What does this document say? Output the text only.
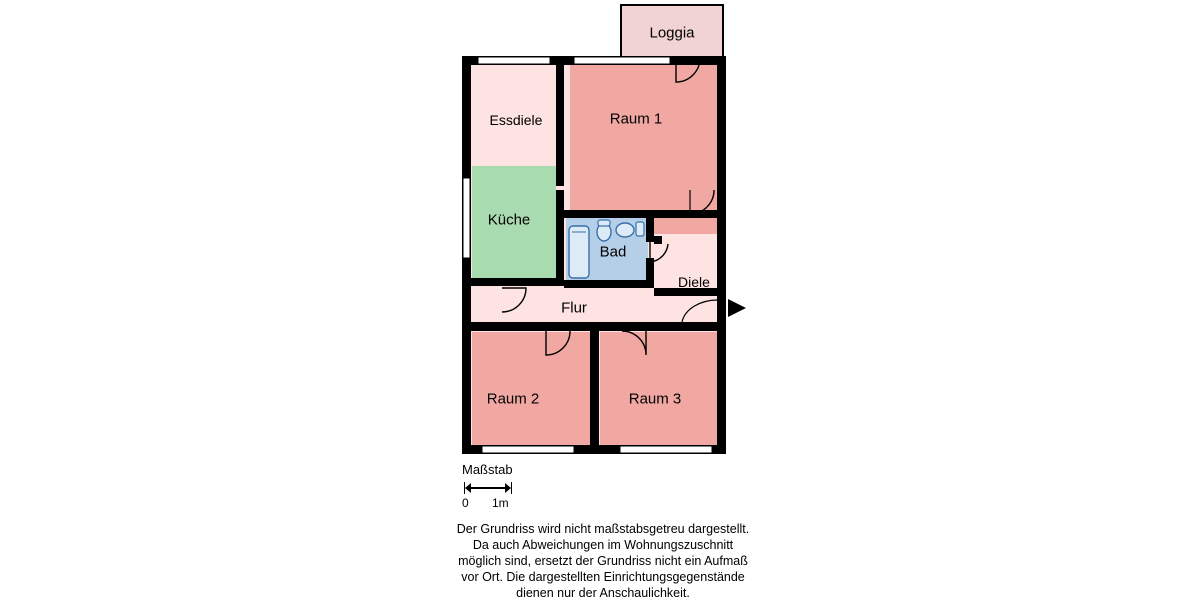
Loggia
Essdiele	Raum 1
Küche
Bad
Diele
Flur
Raum 2	Raum 3
Maßstab
0 1m

Der Grundriss wird nicht maßstabsgetreu dargestellt.

Da auch Abweichungen im Wohnungszuschnitt

möglich sind, ersetzt der Grundriss nicht ein Aufmaß

vor Ort. Die dargestellten Einrichtungsgegenstände

dienen nur der Anschaulichkeit.
